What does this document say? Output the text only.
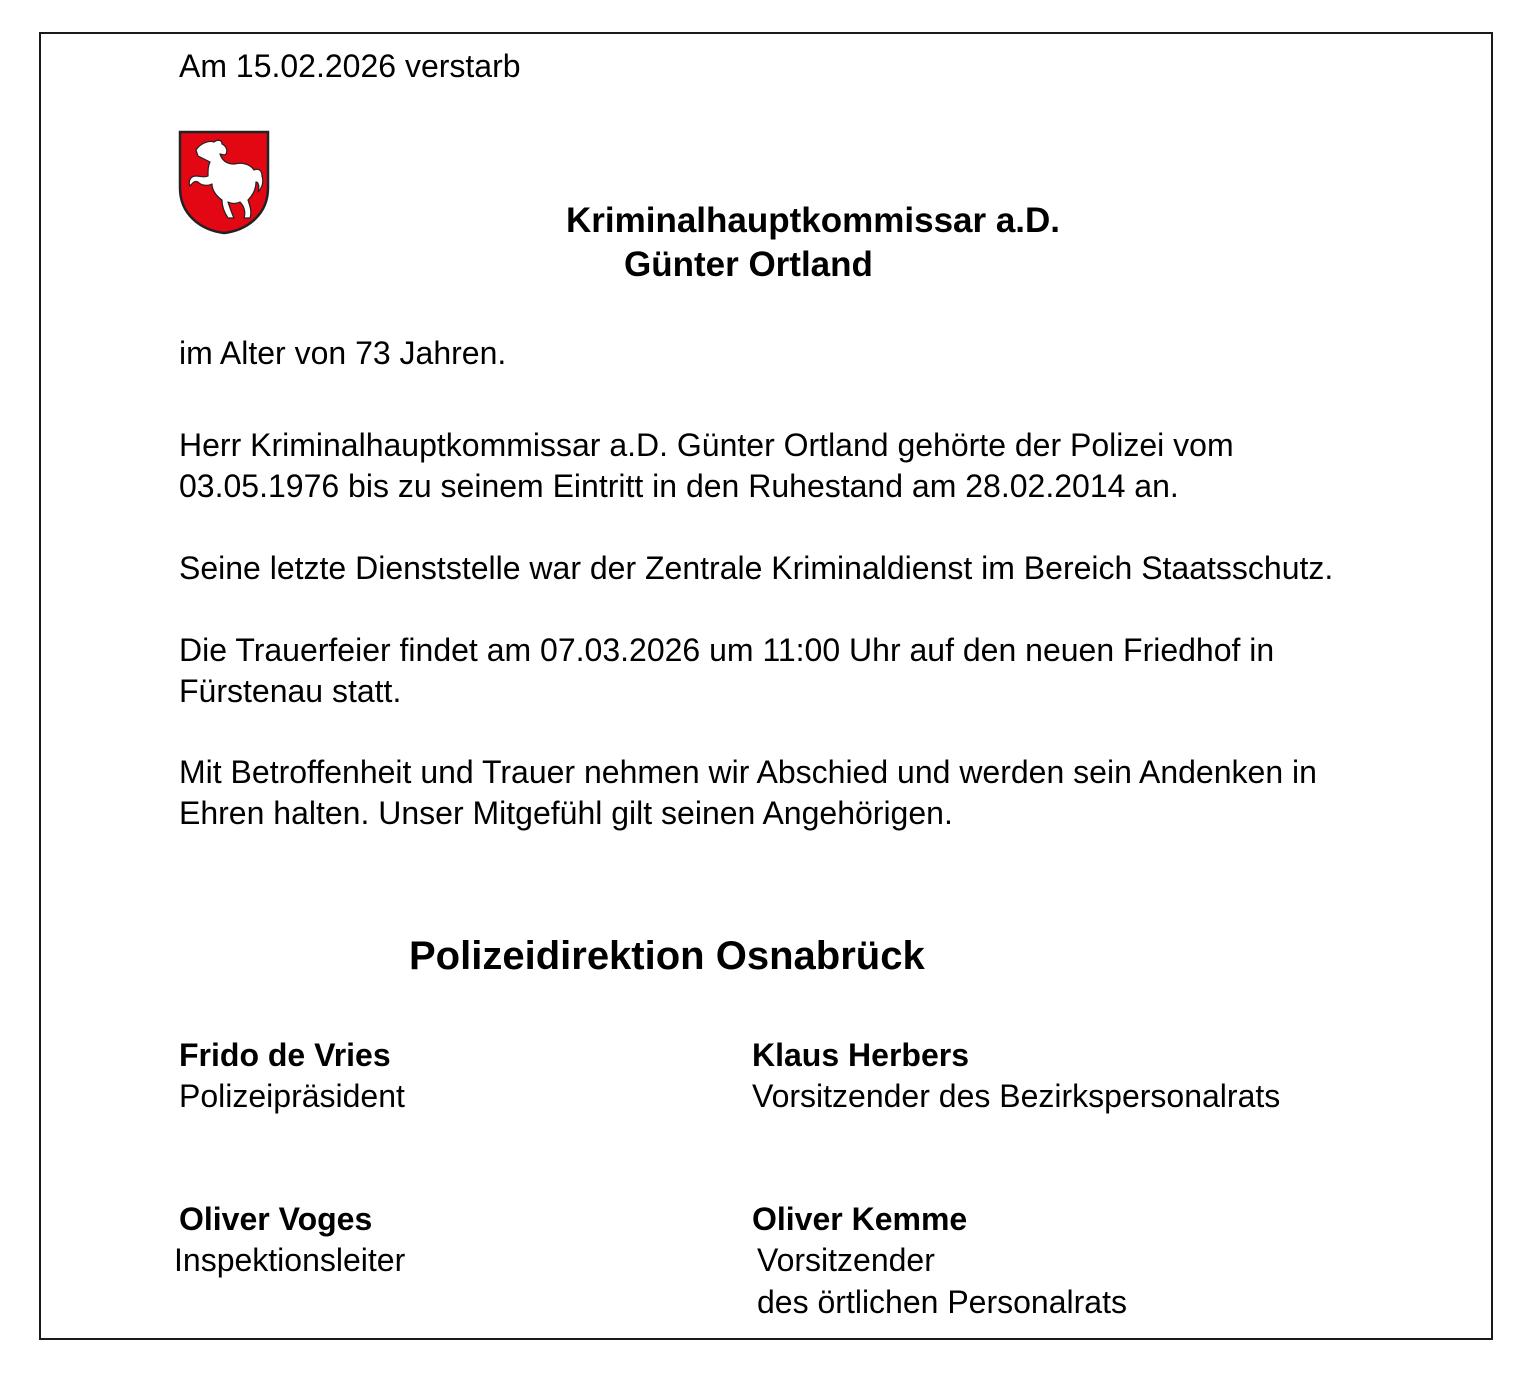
Am 15.02.2026 verstarb
Kriminalhauptkommissar a.D.
Günter Ortland
im Alter von 73 Jahren.
Herr Kriminalhauptkommissar a.D. Günter Ortland gehörte der Polizei vom
03.05.1976 bis zu seinem Eintritt in den Ruhestand am 28.02.2014 an.
Seine letzte Dienststelle war der Zentrale Kriminaldienst im Bereich Staatsschutz.
Die Trauerfeier findet am 07.03.2026 um 11:00 Uhr auf den neuen Friedhof in
Fürstenau statt.
Mit Betroffenheit und Trauer nehmen wir Abschied und werden sein Andenken in
Ehren halten. Unser Mitgefühl gilt seinen Angehörigen.
Polizeidirektion Osnabrück
Frido de Vries
Polizeipräsident
Klaus Herbers
Vorsitzender des Bezirkspersonalrats
Oliver Voges
Inspektionsleiter
Oliver Kemme
Vorsitzender
des örtlichen Personalrats
